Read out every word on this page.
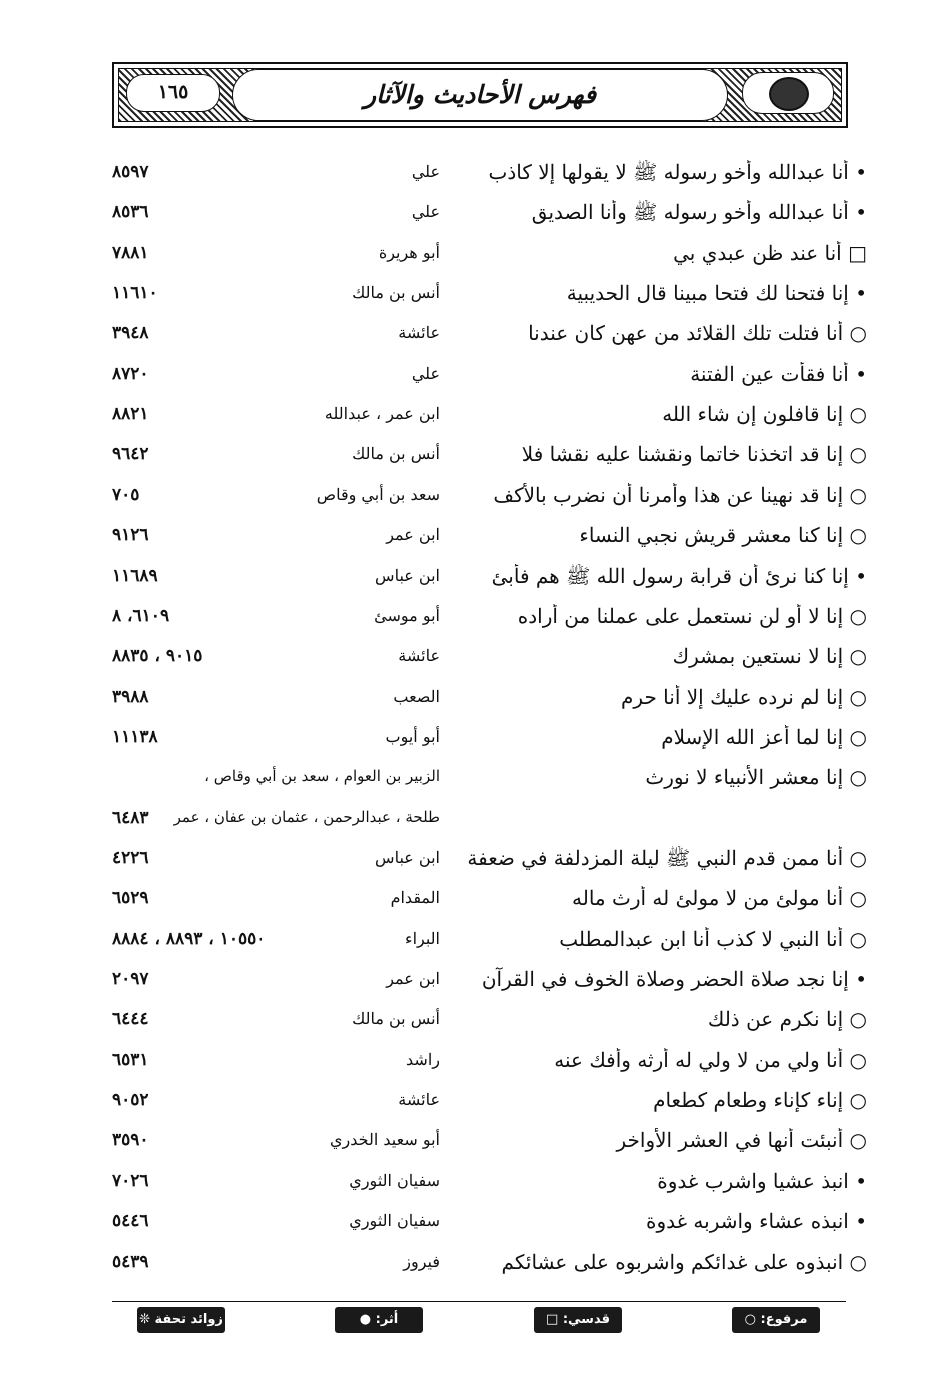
١٦٥	فهرس الأحاديث والآثار
• أنا عبدالله وأخو رسوله ﷺ لا يقولها إلا كاذب
علي
٨٥٩٧
• أنا عبدالله وأخو رسوله ﷺ وأنا الصديق
علي
٨٥٣٦
□ أنا عند ظن عبدي بي
أبو هريرة
٧٨٨١
• إنا فتحنا لك فتحا مبينا قال الحديبية
أنس بن مالك
١١٦١٠
○ أنا فتلت تلك القلائد من عهن كان عندنا
عائشة
٣٩٤٨
• أنا فقأت عين الفتنة
علي
٨٧٢٠
○ إنا قافلون إن شاء الله
ابن عمر ، عبدالله
٨٨٢١
○ إنا قد اتخذنا خاتما ونقشنا عليه نقشا فلا
أنس بن مالك
٩٦٤٢
○ إنا قد نهينا عن هذا وأمرنا أن نضرب بالأكف
سعد بن أبي وقاص
٧٠٥
○ إنا كنا معشر قريش نجبي النساء
ابن عمر
٩١٢٦
• إنا كنا نرئ أن قرابة رسول الله ﷺ هم فأبئ
ابن عباس
١١٦٨٩
○ إنا لا أو لن نستعمل على عملنا من أراده
أبو موسئ
٦١٠٩، ٨
○ إنا لا نستعين بمشرك
عائشة
٩٠١٥ ، ٨٨٣٥
○ إنا لم نرده عليك إلا أنا حرم
الصعب
٣٩٨٨
○ إنا لما أعز الله الإسلام
أبو أيوب
١١١٣٨
○ إنا معشر الأنبياء لا نورث
الزبير بن العوام ، سعد بن أبي وقاص ،
طلحة ، عبدالرحمن ، عثمان بن عفان ، عمر
٦٤٨٣
○ أنا ممن قدم النبي ﷺ ليلة المزدلفة في ضعفة
ابن عباس
٤٢٢٦
○ أنا مولئ من لا مولئ له أرث ماله
المقدام
٦٥٢٩
○ أنا النبي لا كذب أنا ابن عبدالمطلب
البراء
١٠٥٥٠ ، ٨٨٩٣ ، ٨٨٨٤
• إنا نجد صلاة الحضر وصلاة الخوف في القرآن
ابن عمر
٢٠٩٧
○ إنا نكرم عن ذلك
أنس بن مالك
٦٤٤٤
○ أنا ولي من لا ولي له أرثه وأفك عنه
راشد
٦٥٣١
○ إناء كإناء وطعام كطعام
عائشة
٩٠٥٢
○ أنبئت أنها في العشر الأواخر
أبو سعيد الخدري
٣٥٩٠
• انبذ عشيا واشرب غدوة
سفيان الثوري
٧٠٢٦
• انبذه عشاء واشربه غدوة
سفيان الثوري
٥٤٤٦
○ انبذوه على غدائكم واشربوه على عشائكم
فيروز
٥٤٣٩
مرفوع: ○
قدسي: □
أثر: ●
زوائد تحفة ❊
